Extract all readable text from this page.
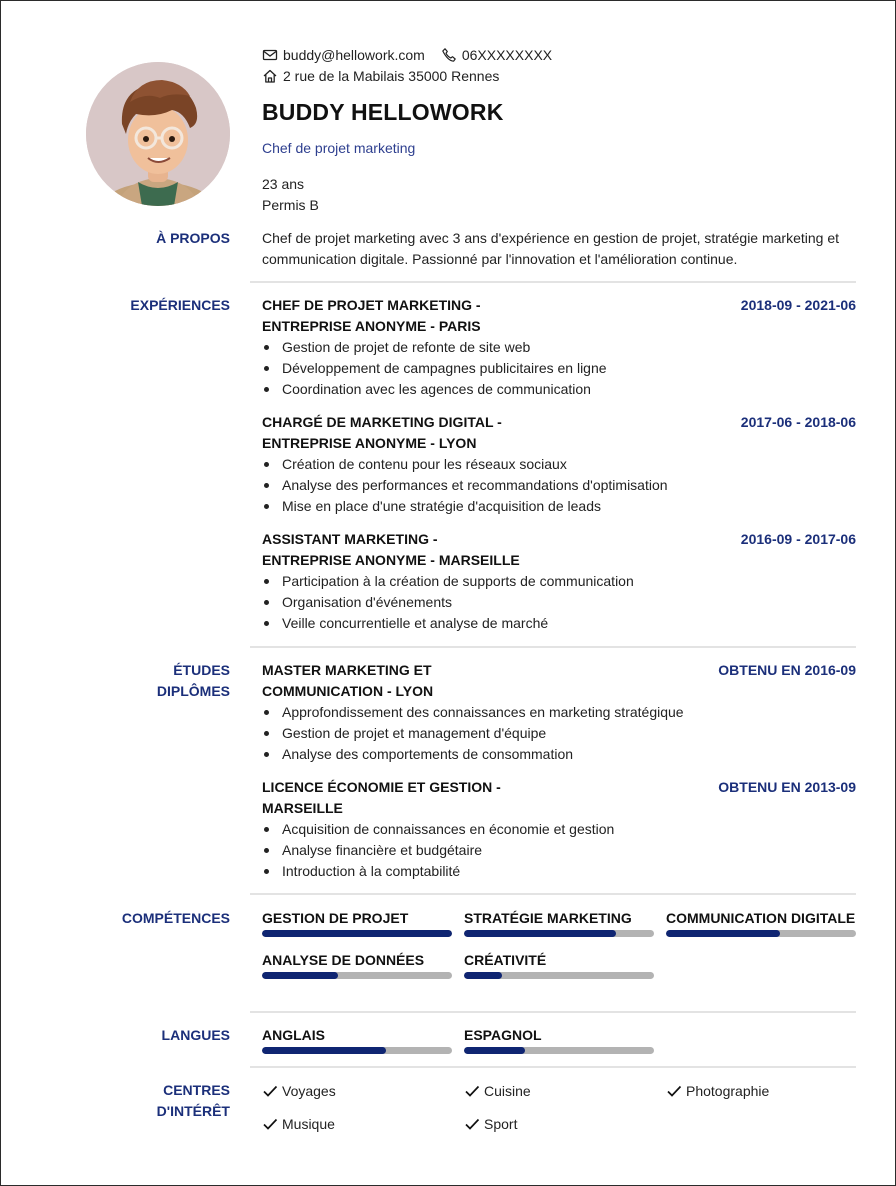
buddy@hellowork.com	06XXXXXXXX
2 rue de la Mabilais 35000 Rennes
BUDDY HELLOWORK
Chef de projet marketing
23 ans
Permis B
À PROPOS Chef de projet marketing avec 3 ans d'expérience en gestion de projet, stratégie marketing et communication digitale. Passionné par l'innovation et l'amélioration continue.
EXPÉRIENCES CHEF DE PROJET MARKETING - ENTREPRISE ANONYME - PARIS
2018-09 - 2021-06
Gestion de projet de refonte de site web
Développement de campagnes publicitaires en ligne
Coordination avec les agences de communication
CHARGÉ DE MARKETING DIGITAL - ENTREPRISE ANONYME - LYON
2017-06 - 2018-06
Création de contenu pour les réseaux sociaux
Analyse des performances et recommandations d'optimisation
Mise en place d'une stratégie d'acquisition de leads
ASSISTANT MARKETING - ENTREPRISE ANONYME - MARSEILLE
2016-09 - 2017-06
Participation à la création de supports de communication
Organisation d'événements
Veille concurrentielle et analyse de marché
ÉTUDES
DIPLÔMES
MASTER MARKETING ET COMMUNICATION - LYON
OBTENU EN 2016-09
Approfondissement des connaissances en marketing stratégique
Gestion de projet et management d'équipe
Analyse des comportements de consommation
LICENCE ÉCONOMIE ET GESTION - MARSEILLE
OBTENU EN 2013-09
Acquisition de connaissances en économie et gestion
Analyse financière et budgétaire
Introduction à la comptabilité
COMPÉTENCES GESTION DE PROJET	STRATÉGIE MARKETING	COMMUNICATION DIGITALE
ANALYSE DE DONNÉES	CRÉATIVITÉ
LANGUES ANGLAIS	ESPAGNOL
CENTRES
D'INTÉRÊT
Voyages	Cuisine	Photographie
Musique	Sport
